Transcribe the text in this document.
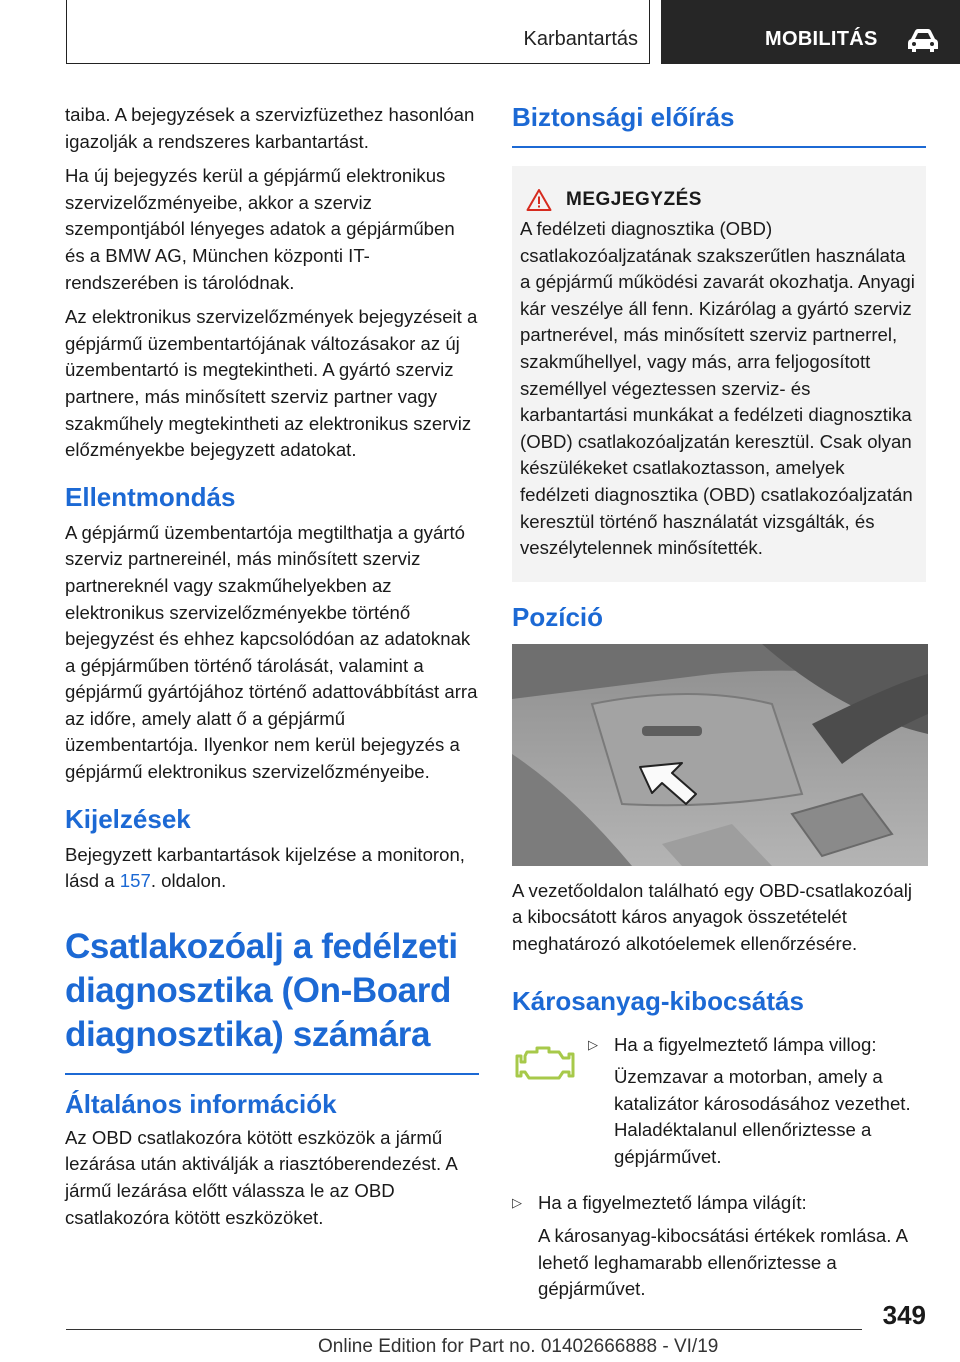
Karbantartás	MOBILITÁS

taiba. A bejegyzések a szervizfüzethez hasonlóan igazolják a rendszeres karbantartást.

Ha új bejegyzés kerül a gépjármű elektronikus szervizelőzményeibe, akkor a szerviz szempontjából lényeges adatok a gépjárműben és a BMW AG, München központi IT-rendszerében is tárolódnak.

Az elektronikus szervizelőzmények bejegyzéseit a gépjármű üzembentartójának változásakor az új üzembentartó is megtekintheti. A gyártó szerviz partnere, más minősített szerviz partner vagy szakműhely megtekintheti az elektronikus szerviz előzményekbe bejegyzett adatokat.

Ellentmondás

A gépjármű üzembentartója megtilthatja a gyártó szerviz partnereinél, más minősített szerviz partnereknél vagy szakműhelyekben az elektronikus szervizelőzményekbe történő bejegyzést és ehhez kapcsolódóan az adatoknak a gépjárműben történő tárolását, valamint a gépjármű gyártójához történő adattovábbítást arra az időre, amely alatt ő a gépjármű üzembentartója. Ilyenkor nem kerül bejegyzés a gépjármű elektronikus szervizelőzményeibe.

Kijelzések

Bejegyzett karbantartások kijelzése a monitoron, lásd a 157. oldalon.

Csatlakozóalj a fedélzeti
diagnosztika (On-Board
diagnosztika) számára
Általános információk

Az OBD csatlakozóra kötött eszközök a jármű lezárása után aktiválják a riasztóberendezést. A jármű lezárása előtt válassza le az OBD csatlakozóra kötött eszközöket.

Biztonsági előírás
MEGJEGYZÉS

A fedélzeti diagnosztika (OBD) csatlakozóaljzatának szakszerűtlen használata a gépjármű működési zavarát okozhatja. Anyagi kár veszélye áll fenn. Kizárólag a gyártó szerviz partnerével, más minősített szerviz partnerrel, szakműhellyel, vagy más, arra feljogosított személlyel végeztessen szerviz- és karbantartási munkákat a fedélzeti diagnosztika (OBD) csatlakozóaljzatán keresztül. Csak olyan készülékeket csatlakoztasson, amelyek fedélzeti diagnosztika (OBD) csatlakozóaljzatán keresztül történő használatát vizsgálták, és veszélytelennek minősítették.

Pozíció

A vezetőoldalon található egy OBD-csatlakozóalj a kibocsátott káros anyagok összetételét meghatározó alkotóelemek ellenőrzésére.

Károsanyag-kibocsátás
▷ Ha a figyelmeztető lámpa villog:

Üzemzavar a motorban, amely a katalizátor károsodásához vezethet. Haladéktalanul ellenőriztesse a gépjárművet.

▷ Ha a figyelmeztető lámpa világít:

A károsanyag-kibocsátási értékek romlása. A lehető leghamarabb ellenőriztesse a gépjárművet.

349
Online Edition for Part no. 01402666888 - VI/19
